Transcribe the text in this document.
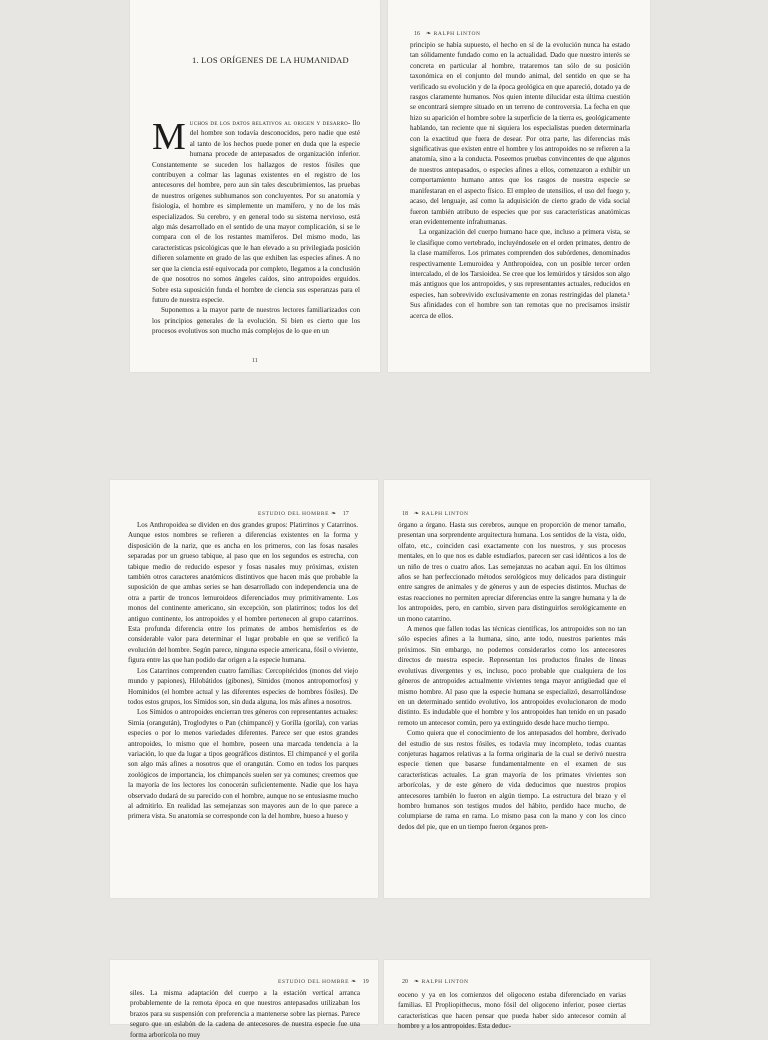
1. LOS ORÍGENES DE LA HUMANIDAD

Muchos de los datos relativos al origen y desarro- llo del hombre son todavía desconocidos, pero nadie que esté al tanto de los hechos puede poner en duda que la especie humana procede de antepasados de organización inferior. Constantemente se suceden los hallazgos de restos fósiles que contribuyen a colmar las lagunas existentes en el registro de los antecesores del hombre, pero aun sin tales descubrimientos, las pruebas de nuestros orígenes subhumanos son concluyentes. Por su anatomía y fisiología, el hombre es simplemente un mamífero, y no de los más especializados. Su cerebro, y en general todo su sistema nervioso, está algo más desarrollado en el sentido de una mayor complicación, si se le compara con el de los restantes mamíferos. Del mismo modo, las características psicológicas que le han elevado a su privilegiada posición difieren solamente en grado de las que exhiben las especies afines. A no ser que la ciencia esté equivocada por completo, llegamos a la conclusión de que nosotros no somos ángeles caídos, sino antropoides erguidos. Sobre esta suposición funda el hombre de ciencia sus esperanzas para el futuro de nuestra especie.

Suponemos a la mayor parte de nuestros lectores familiarizados con los principios generales de la evolución. Si bien es cierto que los procesos evolutivos son mucho más complejos de lo que en un

11
16 ❧ RALPH LINTON

principio se había supuesto, el hecho en sí de la evolución nunca ha estado tan sólidamente fundado como en la actualidad. Dado que nuestro interés se concreta en particular al hombre, trataremos tan sólo de su posición taxonómica en el conjunto del mundo animal, del sentido en que se ha verificado su evolución y de la época geológica en que apareció, dotado ya de rasgos claramente humanos. Nos quien intente dilucidar esta última cuestión se encontrará siempre situado en un terreno de controversia. La fecha en que hizo su aparición el hombre sobre la superficie de la tierra es, geológicamente hablando, tan reciente que ni siquiera los especialistas pueden determinarla con la exactitud que fuera de desear. Por otra parte, las diferencias más significativas que existen entre el hombre y los antropoides no se refieren a la anatomía, sino a la conducta. Poseemos pruebas convincentes de que algunos de nuestros antepasados, o especies afines a ellos, comenzaron a exhibir un comportamiento humano antes que los rasgos de nuestra especie se manifestaran en el aspecto físico. El empleo de utensilios, el uso del fuego y, acaso, del lenguaje, así como la adquisición de cierto grado de vida social fueron también atributo de especies que por sus características anatómicas eran evidentemente infrahumanas.

La organización del cuerpo humano hace que, incluso a primera vista, se le clasifique como vertebrado, incluyéndosele en el orden primates, dentro de la clase mamíferos. Los primates comprenden dos subórdenes, denominados respectivamente Lemuroidea y Anthropoidea, con un posible tercer orden intercalado, el de los Tarsioidea. Se cree que los lemúridos y társidos son algo más antiguos que los antropoides, y sus representantes actuales, reducidos en especies, han sobrevivido exclusivamente en zonas restringidas del planeta.¹ Sus afinidades con el hombre son tan remotas que no precisamos insistir acerca de ellos.

ESTUDIO DEL HOMBRE ❧ 17

Los Anthropoidea se dividen en dos grandes grupos: Platirrinos y Catarrinos. Aunque estos nombres se refieren a diferencias existentes en la forma y disposición de la nariz, que es ancha en los primeros, con las fosas nasales separadas por un grueso tabique, al paso que en los segundos es estrecha, con tabique medio de reducido espesor y fosas nasales muy próximas, existen también otros caracteres anatómicos distintivos que hacen más que probable la suposición de que ambas series se han desarrollado con independencia una de otra a partir de troncos lemuroideos diferenciados muy primitivamente. Los monos del continente americano, sin excepción, son platirrinos; todos los del antiguo continente, los antropoides y el hombre pertenecen al grupo catarrinos. Esta profunda diferencia entre los primates de ambos hemisferios es de considerable valor para determinar el lugar probable en que se verificó la evolución del hombre. Según parece, ninguna especie americana, fósil o viviente, figura entre las que han podido dar origen a la especie humana.

Los Catarrinos comprenden cuatro familias: Cercopitécidos (monos del viejo mundo y papiones), Hilobátidos (gibones), Símidos (monos antropomorfos) y Homínidos (el hombre actual y las diferentes especies de hombres fósiles). De todos estos grupos, los Símidos son, sin duda alguna, los más afines a nosotros.

Los Símidos o antropoides encierran tres géneros con representantes actuales: Simia (orangután), Troglodytes o Pan (chimpancé) y Gorilla (gorila), con varias especies o por lo menos variedades diferentes. Parece ser que estos grandes antropoides, lo mismo que el hombre, poseen una marcada tendencia a la variación, lo que da lugar a tipos geográficos distintos. El chimpancé y el gorila son algo más afines a nosotros que el orangután. Como en todos los parques zoológicos de importancia, los chimpancés suelen ser ya comunes; creemos que la mayoría de los lectores los conocerán suficientemente. Nadie que los haya observado dudará de su parecido con el hombre, aunque no se entusiasme mucho al admitirlo. En realidad las semejanzas son mayores aun de lo que parece a primera vista. Su anatomía se corresponde con la del hombre, hueso a hueso y

18 ❧ RALPH LINTON

órgano a órgano. Hasta sus cerebros, aunque en proporción de menor tamaño, presentan una sorprendente arquitectura humana. Los sentidos de la vista, oído, olfato, etc., coinciden casi exactamente con los nuestros, y sus procesos mentales, en lo que nos es dable estudiarlos, parecen ser casi idénticos a los de un niño de tres o cuatro años. Las semejanzas no acaban aquí. En los últimos años se han perfeccionado métodos serológicos muy delicados para distinguir entre sangres de animales y de géneros y aun de especies distintos. Muchas de estas reacciones no permiten apreciar diferencias entre la sangre humana y la de los antropoides, pero, en cambio, sirven para distinguirlos serológicamente en un mono catarrino.

A menos que fallen todas las técnicas científicas, los antropoides son no tan sólo especies afines a la humana, sino, ante todo, nuestros parientes más próximos. Sin embargo, no podemos considerarlos como los antecesores directos de nuestra especie. Representan los productos finales de líneas evolutivas divergentes y es, incluso, poco probable que cualquiera de los géneros de antropoides actualmente vivientes tenga mayor antigüedad que el mismo hombre. Al paso que la especie humana se especializó, desarrollándose en un determinado sentido evolutivo, los antropoides evolucionaron de modo distinto. Es indudable que el hombre y los antropoides han tenido en un pasado remoto un antecesor común, pero ya extinguido desde hace mucho tiempo.

Como quiera que el conocimiento de los antepasados del hombre, derivado del estudio de sus restos fósiles, es todavía muy incompleto, todas cuantas conjeturas hagamos relativas a la forma originaria de la cual se derivó nuestra especie tienen que basarse fundamentalmente en el examen de sus características actuales. La gran mayoría de los primates vivientes son arborícolas, y de este género de vida deducimos que nuestros propios antecesores también lo fueron en algún tiempo. La estructura del brazo y el hombro humanos son testigos mudos del hábito, perdido hace mucho, de columpiarse de rama en rama. Lo mismo pasa con la mano y con los cinco dedos del pie, que en un tiempo fueron órganos pren-

ESTUDIO DEL HOMBRE ❧ 19

siles. La misma adaptación del cuerpo a la estación vertical arranca probablemente de la remota época en que nuestros antepasados utilizaban los brazos para su suspensión con preferencia a mantenerse sobre las piernas. Parece seguro que un eslabón de la cadena de antecesores de nuestra especie fue una forma arborícola no muy

20 ❧ RALPH LINTON

eoceno y ya en los comienzos del oligoceno estaba diferenciado en varias familias. El Propliopithecus, mono fósil del oligoceno inferior, posee ciertas características que hacen pensar que pueda haber sido antecesor común al hombre y a los antropoides. Esta deduc-
